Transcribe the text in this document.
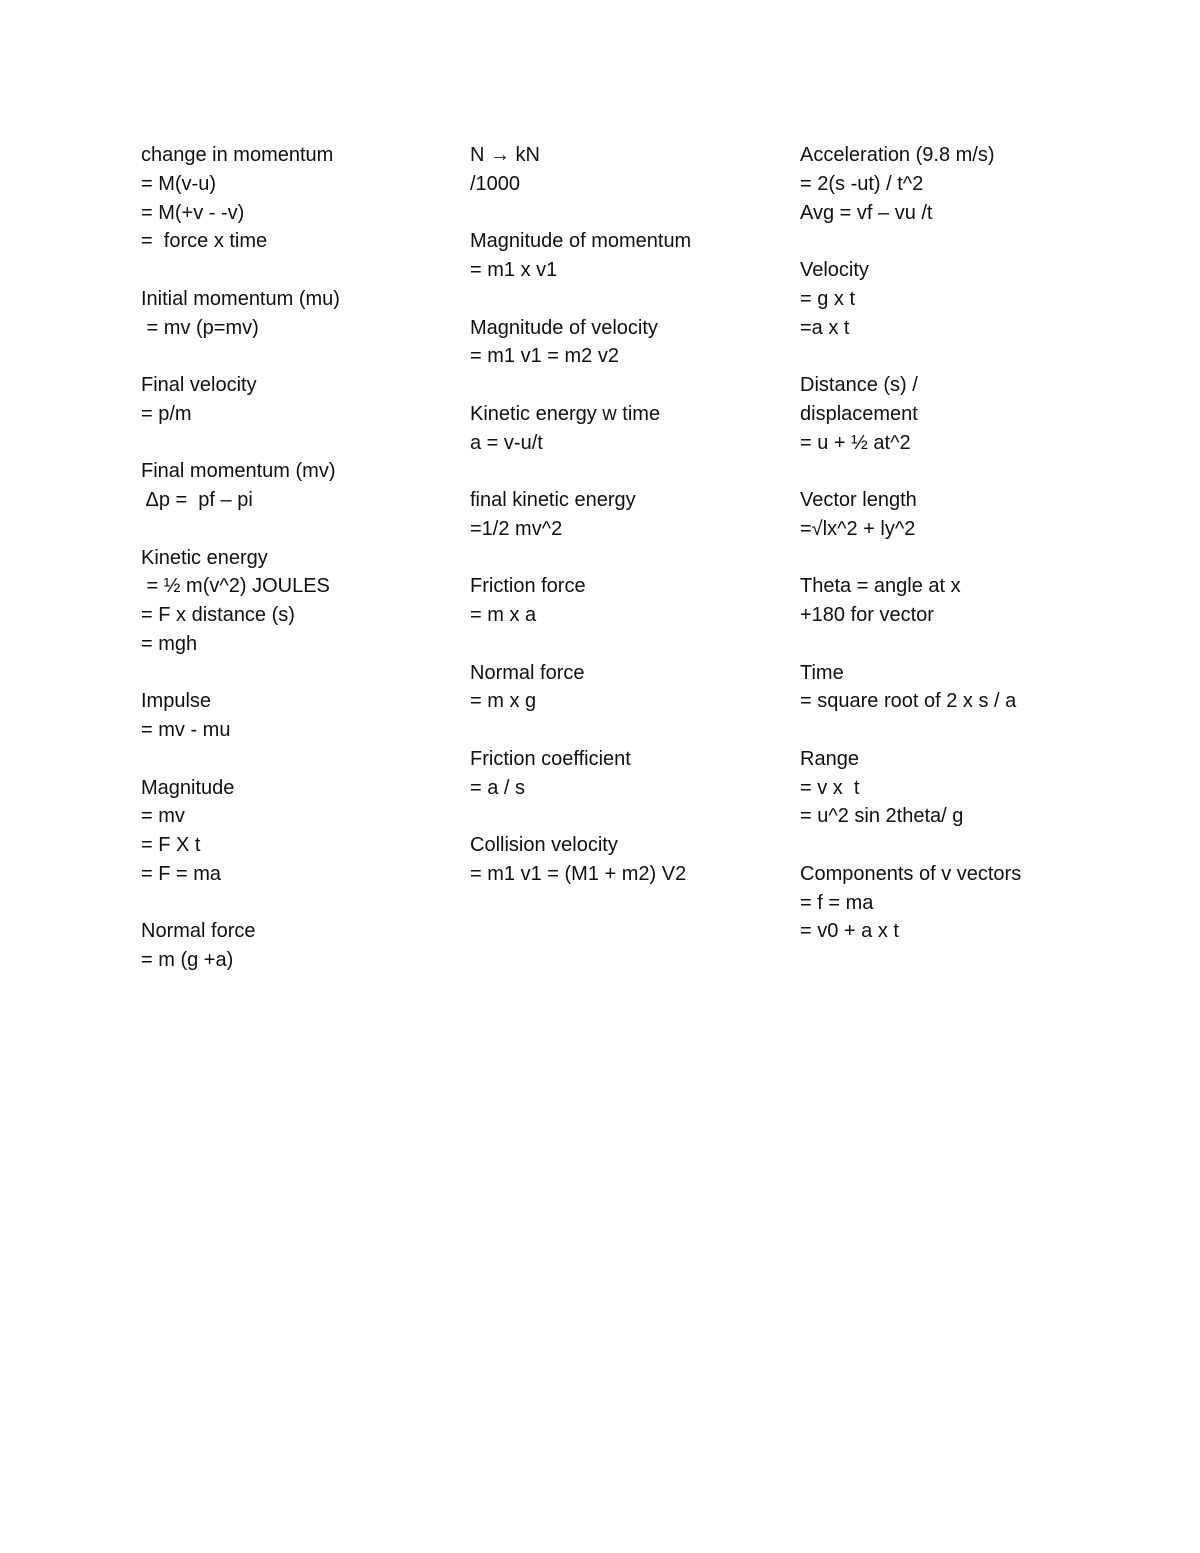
change in momentum
= M(v-u)
= M(+v - -v)
=  force x time
Initial momentum (mu)
= mv (p=mv)
Final velocity
= p/m
Final momentum (mv)
Δp =  pf – pi
Kinetic energy
= ½ m(v^2) JOULES
= F x distance (s)
= mgh
Impulse
= mv - mu
Magnitude
= mv
= F X t
= F = ma
Normal force
= m (g +a)
N → kN
/1000
Magnitude of momentum
= m1 x v1
Magnitude of velocity
= m1 v1 = m2 v2
Kinetic energy w time
a = v-u/t
final kinetic energy
=1/2 mv^2
Friction force
= m x a
Normal force
= m x g
Friction coefficient
= a / s
Collision velocity
= m1 v1 = (M1 + m2) V2
Acceleration (9.8 m/s)
= 2(s -ut) / t^2
Avg = vf – vu /t
Velocity
= g x t
=a x t
Distance (s) /
displacement
= u + ½ at^2
Vector length
=√lx^2 + ly^2
Theta = angle at x
+180 for vector
Time
= square root of 2 x s / a
Range
= v x  t
= u^2 sin 2theta/ g
Components of v vectors
= f = ma
= v0 + a x t
